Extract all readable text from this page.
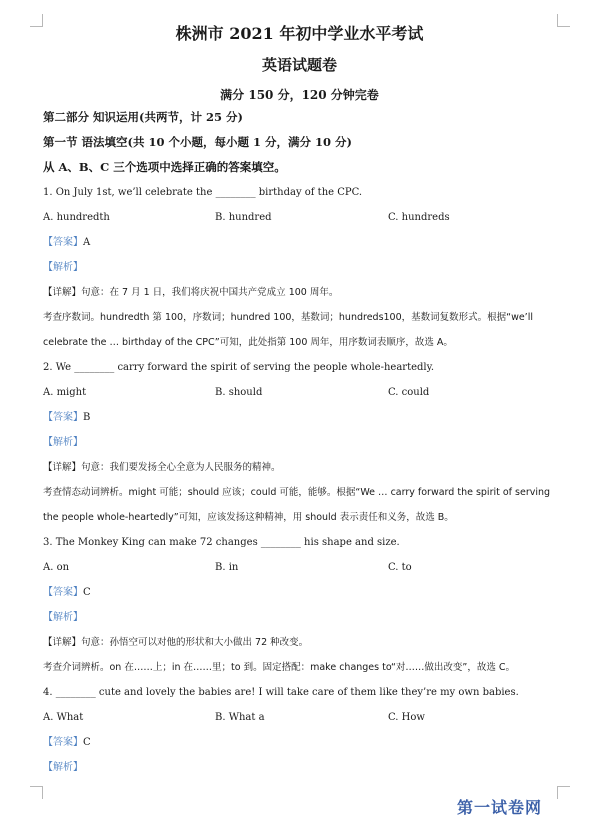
株洲市 2021 年初中学业水平考试
英语试题卷
满分 150 分，120 分钟完卷
第二部分 知识运用(共两节，计 25 分)
第一节 语法填空(共 10 个小题，每小题 1 分，满分 10 分)
从 A、B、C 三个选项中选择正确的答案填空。
1. On July 1st, we’ll celebrate the ________ birthday of the CPC.
A. hundredth	B. hundred	C. hundreds
【答案】A
【解析】
【详解】句意：在 7 月 1 日，我们将庆祝中国共产党成立 100 周年。
考查序数词。hundredth 第 100，序数词；hundred 100，基数词；hundreds100，基数词复数形式。根据“we’ll
celebrate the … birthday of the CPC”可知，此处指第 100 周年，用序数词表顺序，故选 A。
2. We ________ carry forward the spirit of serving the people whole-heartedly.
A. might	B. should	C. could
【答案】B
【解析】
【详解】句意：我们要发扬全心全意为人民服务的精神。
考查情态动词辨析。might 可能；should 应该；could 可能，能够。根据“We … carry forward the spirit of serving
the people whole-heartedly”可知，应该发扬这种精神，用 should 表示责任和义务，故选 B。
3. The Monkey King can make 72 changes ________ his shape and size.
A. on	B. in	C. to
【答案】C
【解析】
【详解】句意：孙悟空可以对他的形状和大小做出 72 种改变。
考查介词辨析。on 在……上；in 在……里；to 到。固定搭配：make changes to“对……做出改变”，故选 C。
4. ________ cute and lovely the babies are! I will take care of them like they’re my own babies.
A. What	B. What a	C. How
【答案】C
【解析】
第一试卷网
